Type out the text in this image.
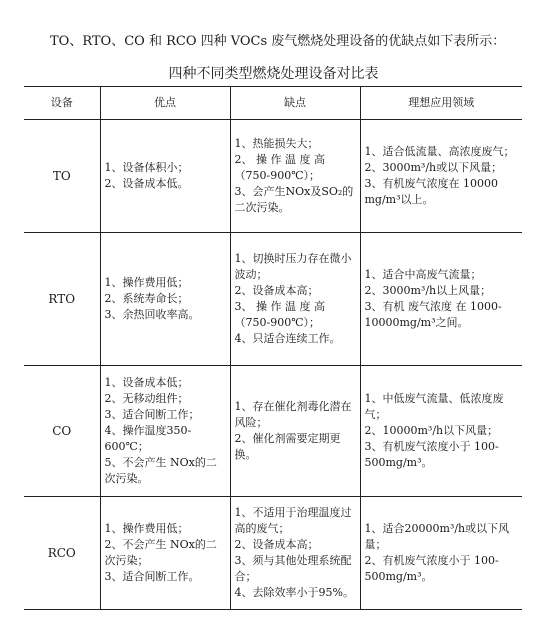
TO、RTO、CO 和 RCO 四种 VOCs 废气燃烧处理设备的优缺点如下表所示：
四种不同类型燃烧处理设备对比表
设备	优点	缺点	理想应用领域
TO	1、设备体积小；
2、设备成本低。	1、热能损失大；
2、 操 作 温 度 高
（750-900℃）；
3、会产生NOx及SO₂的二次污染。	1、适合低流量、高浓度废气；
2、3000m³/h或以下风量；
3、有机废气浓度在 10000 mg/m³以上。

RTO	1、操作费用低；
2、系统寿命长；
3、余热回收率高。	1、切换时压力存在微小波动；
2、设备成本高；
3、 操 作 温 度 高
（750-900℃）；
4、只适合连续工作。	1、适合中高废气流量；
2、3000m³/h以上风量；
3、有机 废气浓度 在 1000-10000mg/m³之间。

CO	1、设备成本低；
2、无移动组件；
3、适合间断工作；
4、操作温度350-600℃；
5、不会产生 NOx的二次污染。	1、存在催化剂毒化潜在风险；
2、催化剂需要定期更换。	1、中低废气流量、低浓度废气；
2、10000m³/h以下风量；
3、有机废气浓度小于 100-500mg/m³。

RCO	1、操作费用低；
2、不会产生 NOx的二次污染；
3、适合间断工作。	1、不适用于治理温度过高的废气；
2、设备成本高；
3、须与其他处理系统配合；
4、去除效率小于95%。	1、适合20000m³/h或以下风量；
2、有机废气浓度小于 100-500mg/m³。
